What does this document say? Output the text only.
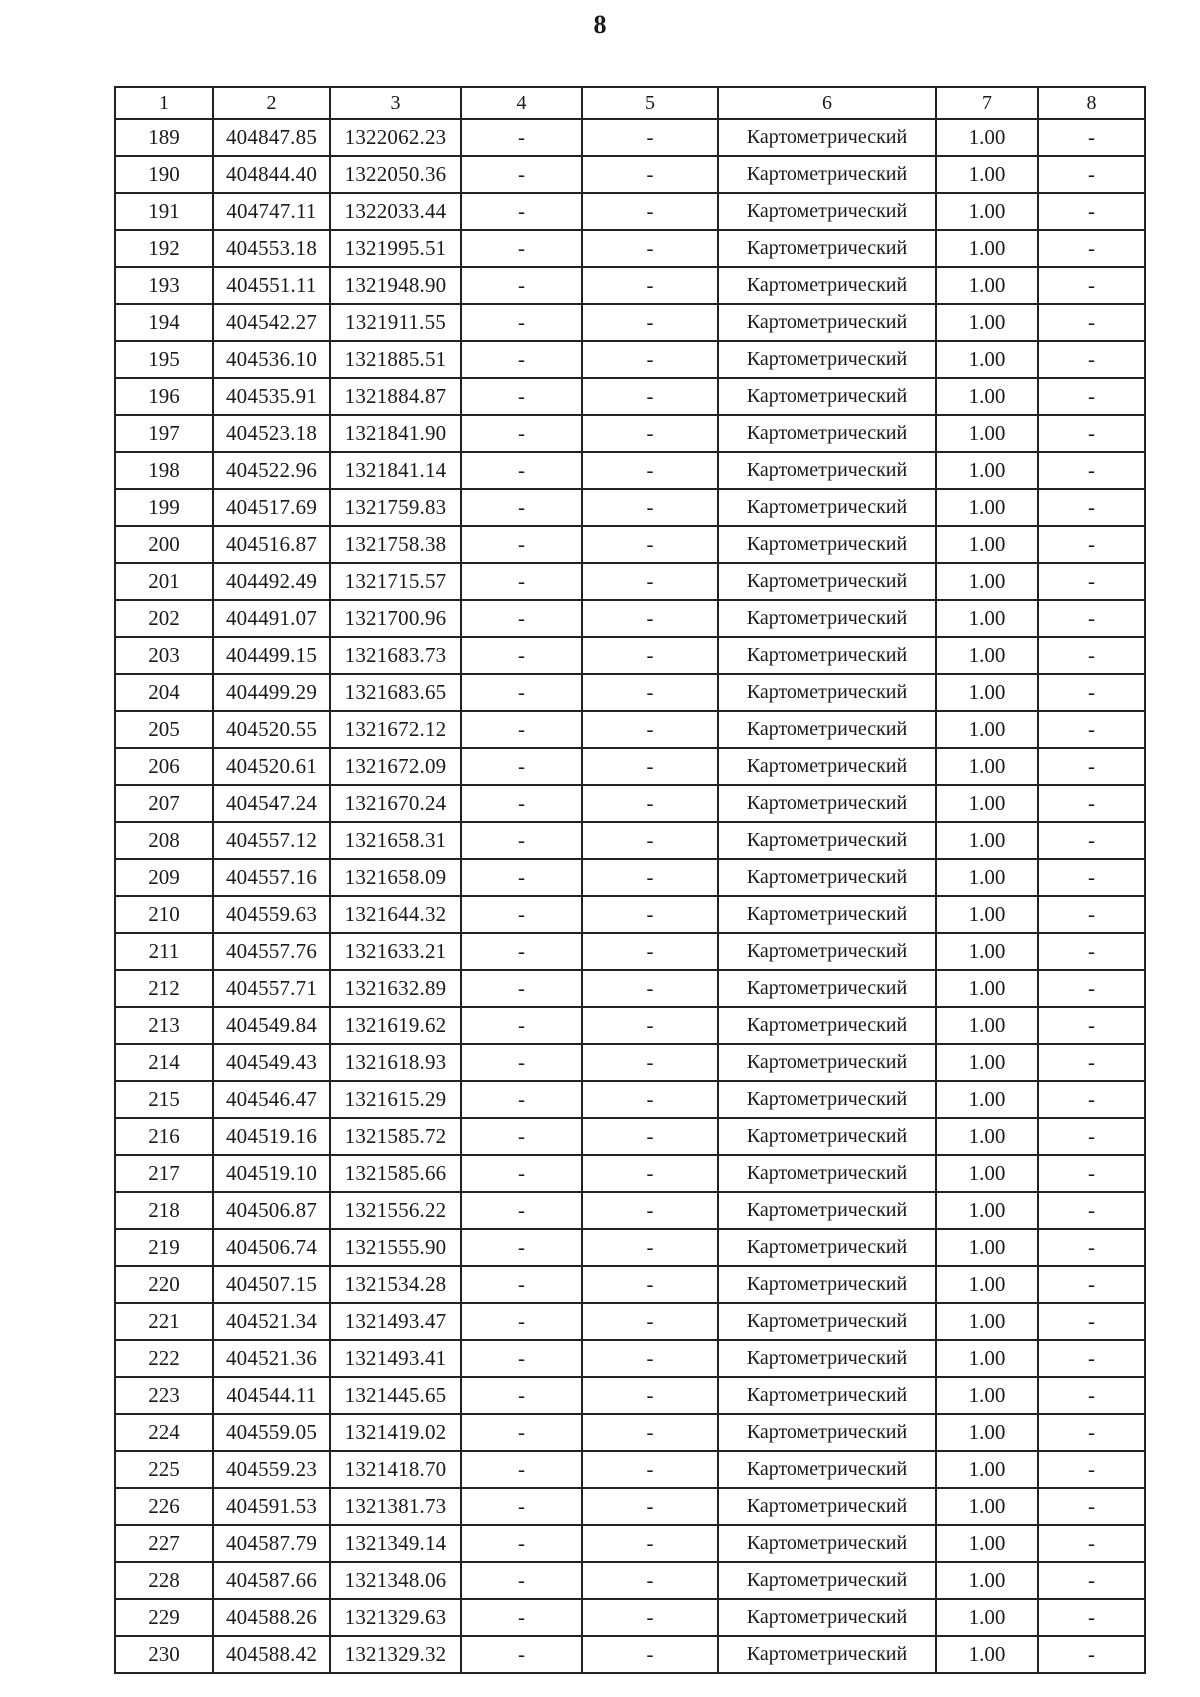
8
1	2	3	4	5	6	7	8
189	404847.85	1322062.23	-	-	Картометрический	1.00	-
190	404844.40	1322050.36	-	-	Картометрический	1.00	-
191	404747.11	1322033.44	-	-	Картометрический	1.00	-
192	404553.18	1321995.51	-	-	Картометрический	1.00	-
193	404551.11	1321948.90	-	-	Картометрический	1.00	-
194	404542.27	1321911.55	-	-	Картометрический	1.00	-
195	404536.10	1321885.51	-	-	Картометрический	1.00	-
196	404535.91	1321884.87	-	-	Картометрический	1.00	-
197	404523.18	1321841.90	-	-	Картометрический	1.00	-
198	404522.96	1321841.14	-	-	Картометрический	1.00	-
199	404517.69	1321759.83	-	-	Картометрический	1.00	-
200	404516.87	1321758.38	-	-	Картометрический	1.00	-
201	404492.49	1321715.57	-	-	Картометрический	1.00	-
202	404491.07	1321700.96	-	-	Картометрический	1.00	-
203	404499.15	1321683.73	-	-	Картометрический	1.00	-
204	404499.29	1321683.65	-	-	Картометрический	1.00	-
205	404520.55	1321672.12	-	-	Картометрический	1.00	-
206	404520.61	1321672.09	-	-	Картометрический	1.00	-
207	404547.24	1321670.24	-	-	Картометрический	1.00	-
208	404557.12	1321658.31	-	-	Картометрический	1.00	-
209	404557.16	1321658.09	-	-	Картометрический	1.00	-
210	404559.63	1321644.32	-	-	Картометрический	1.00	-
211	404557.76	1321633.21	-	-	Картометрический	1.00	-
212	404557.71	1321632.89	-	-	Картометрический	1.00	-
213	404549.84	1321619.62	-	-	Картометрический	1.00	-
214	404549.43	1321618.93	-	-	Картометрический	1.00	-
215	404546.47	1321615.29	-	-	Картометрический	1.00	-
216	404519.16	1321585.72	-	-	Картометрический	1.00	-
217	404519.10	1321585.66	-	-	Картометрический	1.00	-
218	404506.87	1321556.22	-	-	Картометрический	1.00	-
219	404506.74	1321555.90	-	-	Картометрический	1.00	-
220	404507.15	1321534.28	-	-	Картометрический	1.00	-
221	404521.34	1321493.47	-	-	Картометрический	1.00	-
222	404521.36	1321493.41	-	-	Картометрический	1.00	-
223	404544.11	1321445.65	-	-	Картометрический	1.00	-
224	404559.05	1321419.02	-	-	Картометрический	1.00	-
225	404559.23	1321418.70	-	-	Картометрический	1.00	-
226	404591.53	1321381.73	-	-	Картометрический	1.00	-
227	404587.79	1321349.14	-	-	Картометрический	1.00	-
228	404587.66	1321348.06	-	-	Картометрический	1.00	-
229	404588.26	1321329.63	-	-	Картометрический	1.00	-
230	404588.42	1321329.32	-	-	Картометрический	1.00	-
